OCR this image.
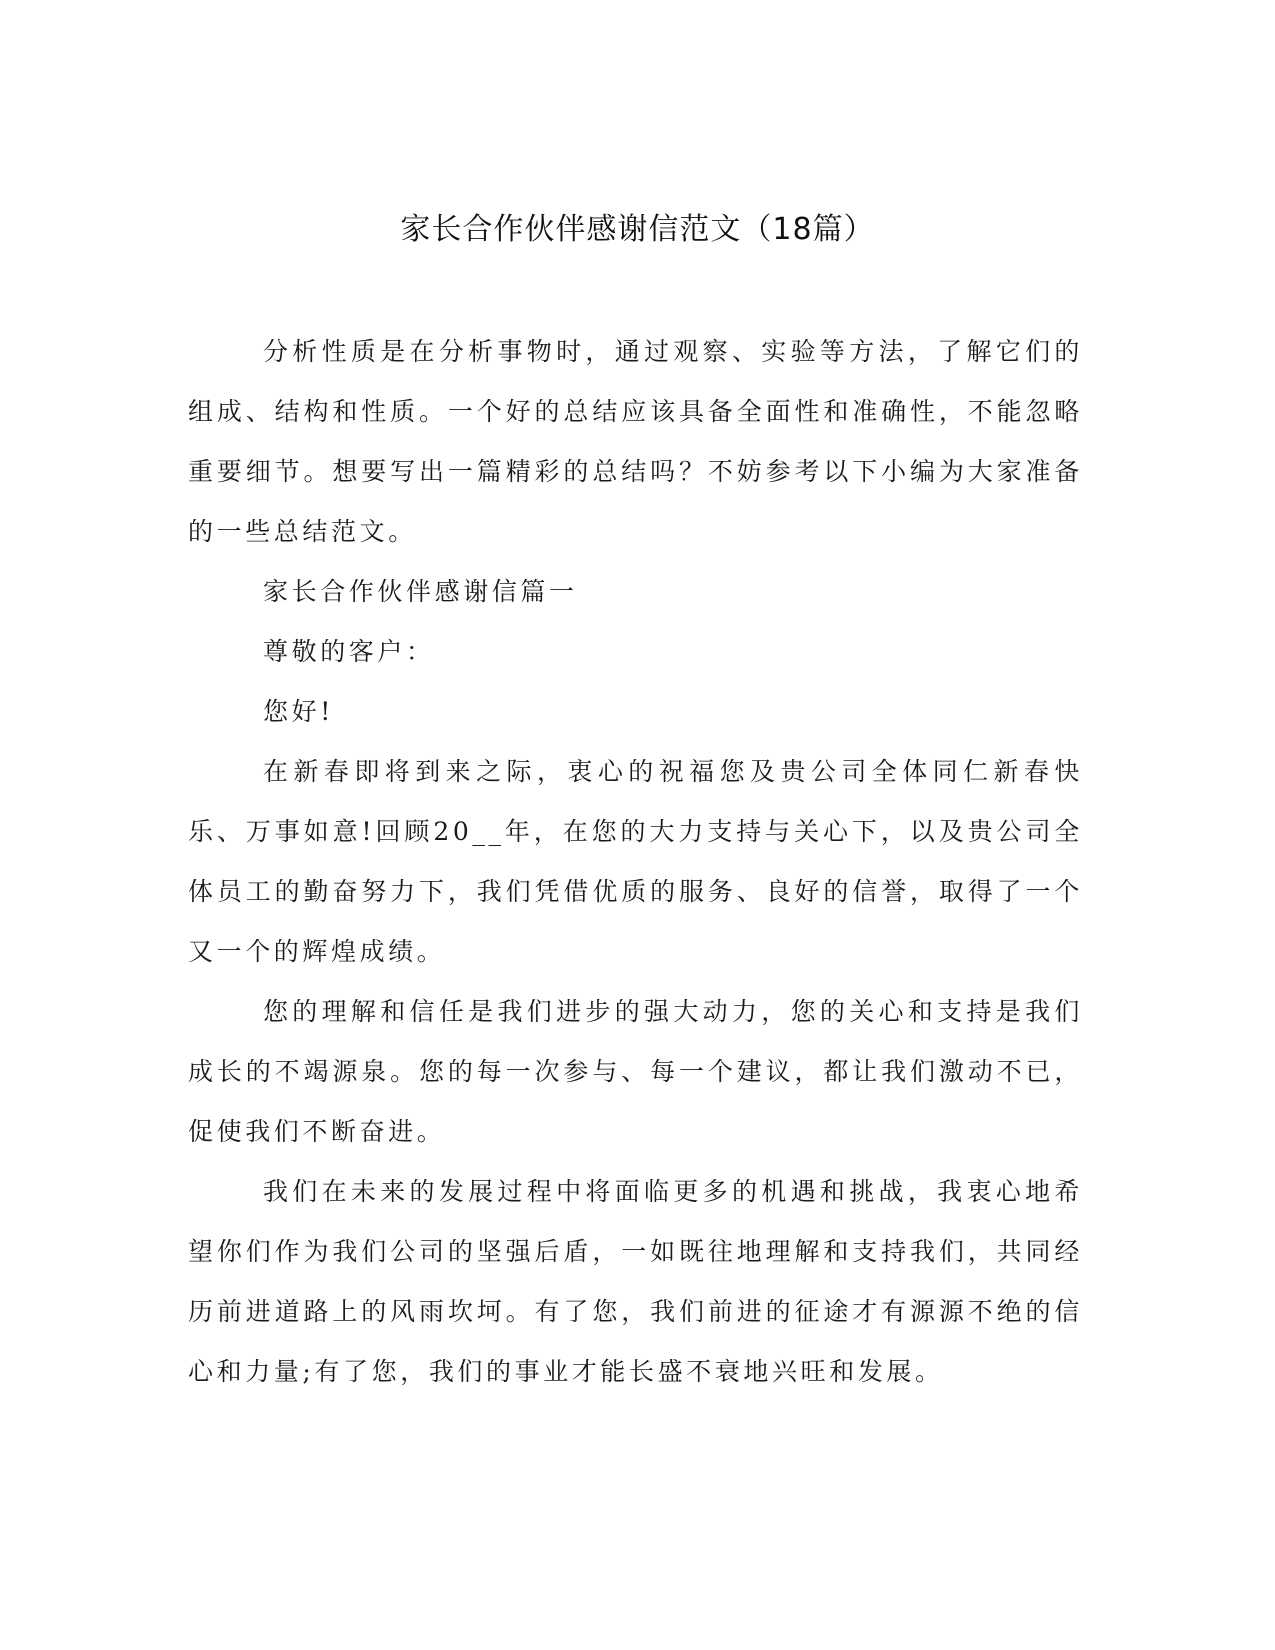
家长合作伙伴感谢信范文（18篇）

分析性质是在分析事物时，通过观察、实验等方法，了解它们的组成、结构和性质。一个好的总结应该具备全面性和准确性，不能忽略重要细节。想要写出一篇精彩的总结吗？不妨参考以下小编为大家准备的一些总结范文。

家长合作伙伴感谢信篇一

尊敬的客户：

您好!

在新春即将到来之际，衷心的祝福您及贵公司全体同仁新春快乐、万事如意!回顾20__年，在您的大力支持与关心下，以及贵公司全体员工的勤奋努力下，我们凭借优质的服务、良好的信誉，取得了一个又一个的辉煌成绩。

您的理解和信任是我们进步的强大动力，您的关心和支持是我们成长的不竭源泉。您的每一次参与、每一个建议，都让我们激动不已，促使我们不断奋进。

我们在未来的发展过程中将面临更多的机遇和挑战，我衷心地希望你们作为我们公司的坚强后盾，一如既往地理解和支持我们，共同经历前进道路上的风雨坎坷。有了您，我们前进的征途才有源源不绝的信心和力量;有了您，我们的事业才能长盛不衰地兴旺和发展。
